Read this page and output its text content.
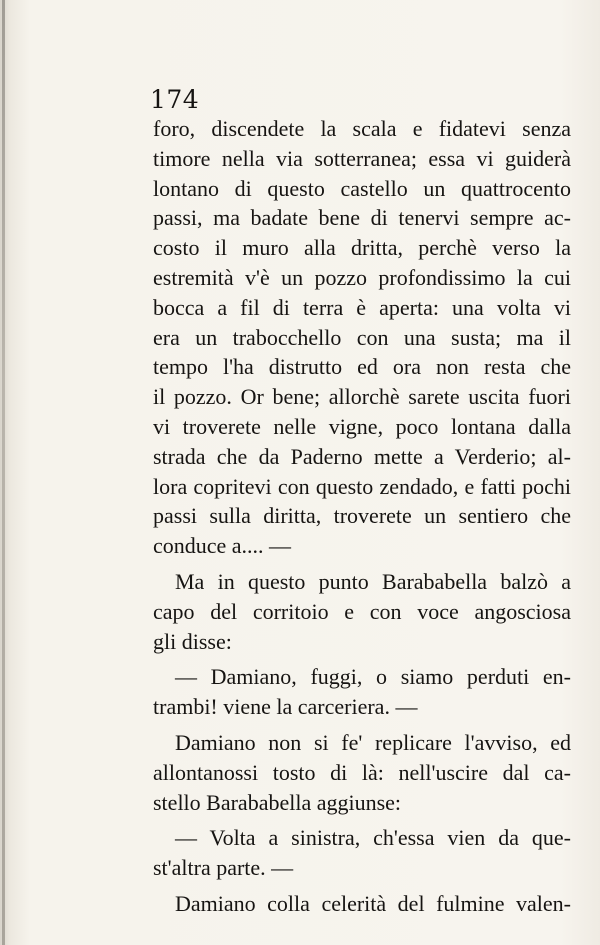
174
foro, discendete la scala e fidatevi senza
timore nella via sotterranea; essa vi guiderà
lontano di questo castello un quattrocento
passi, ma badate bene di tenervi sempre ac-
costo il muro alla dritta, perchè verso la
estremità v'è un pozzo profondissimo la cui
bocca a fil di terra è aperta: una volta vi
era un trabocchello con una susta; ma il
tempo l'ha distrutto ed ora non resta che
il pozzo. Or bene; allorchè sarete uscita fuori
vi troverete nelle vigne, poco lontana dalla
strada che da Paderno mette a Verderio; al-
lora copritevi con questo zendado, e fatti pochi
passi sulla diritta, troverete un sentiero che
conduce a.... —
Ma in questo punto Barababella balzò a
capo del corritoio e con voce angosciosa
gli disse:
— Damiano, fuggi, o siamo perduti en-
trambi! viene la carceriera. —
Damiano non si fe' replicare l'avviso, ed
allontanossi tosto di là: nell'uscire dal ca-
stello Barababella aggiunse:
— Volta a sinistra, ch'essa vien da que-
st'altra parte. —
Damiano colla celerità del fulmine valen-
